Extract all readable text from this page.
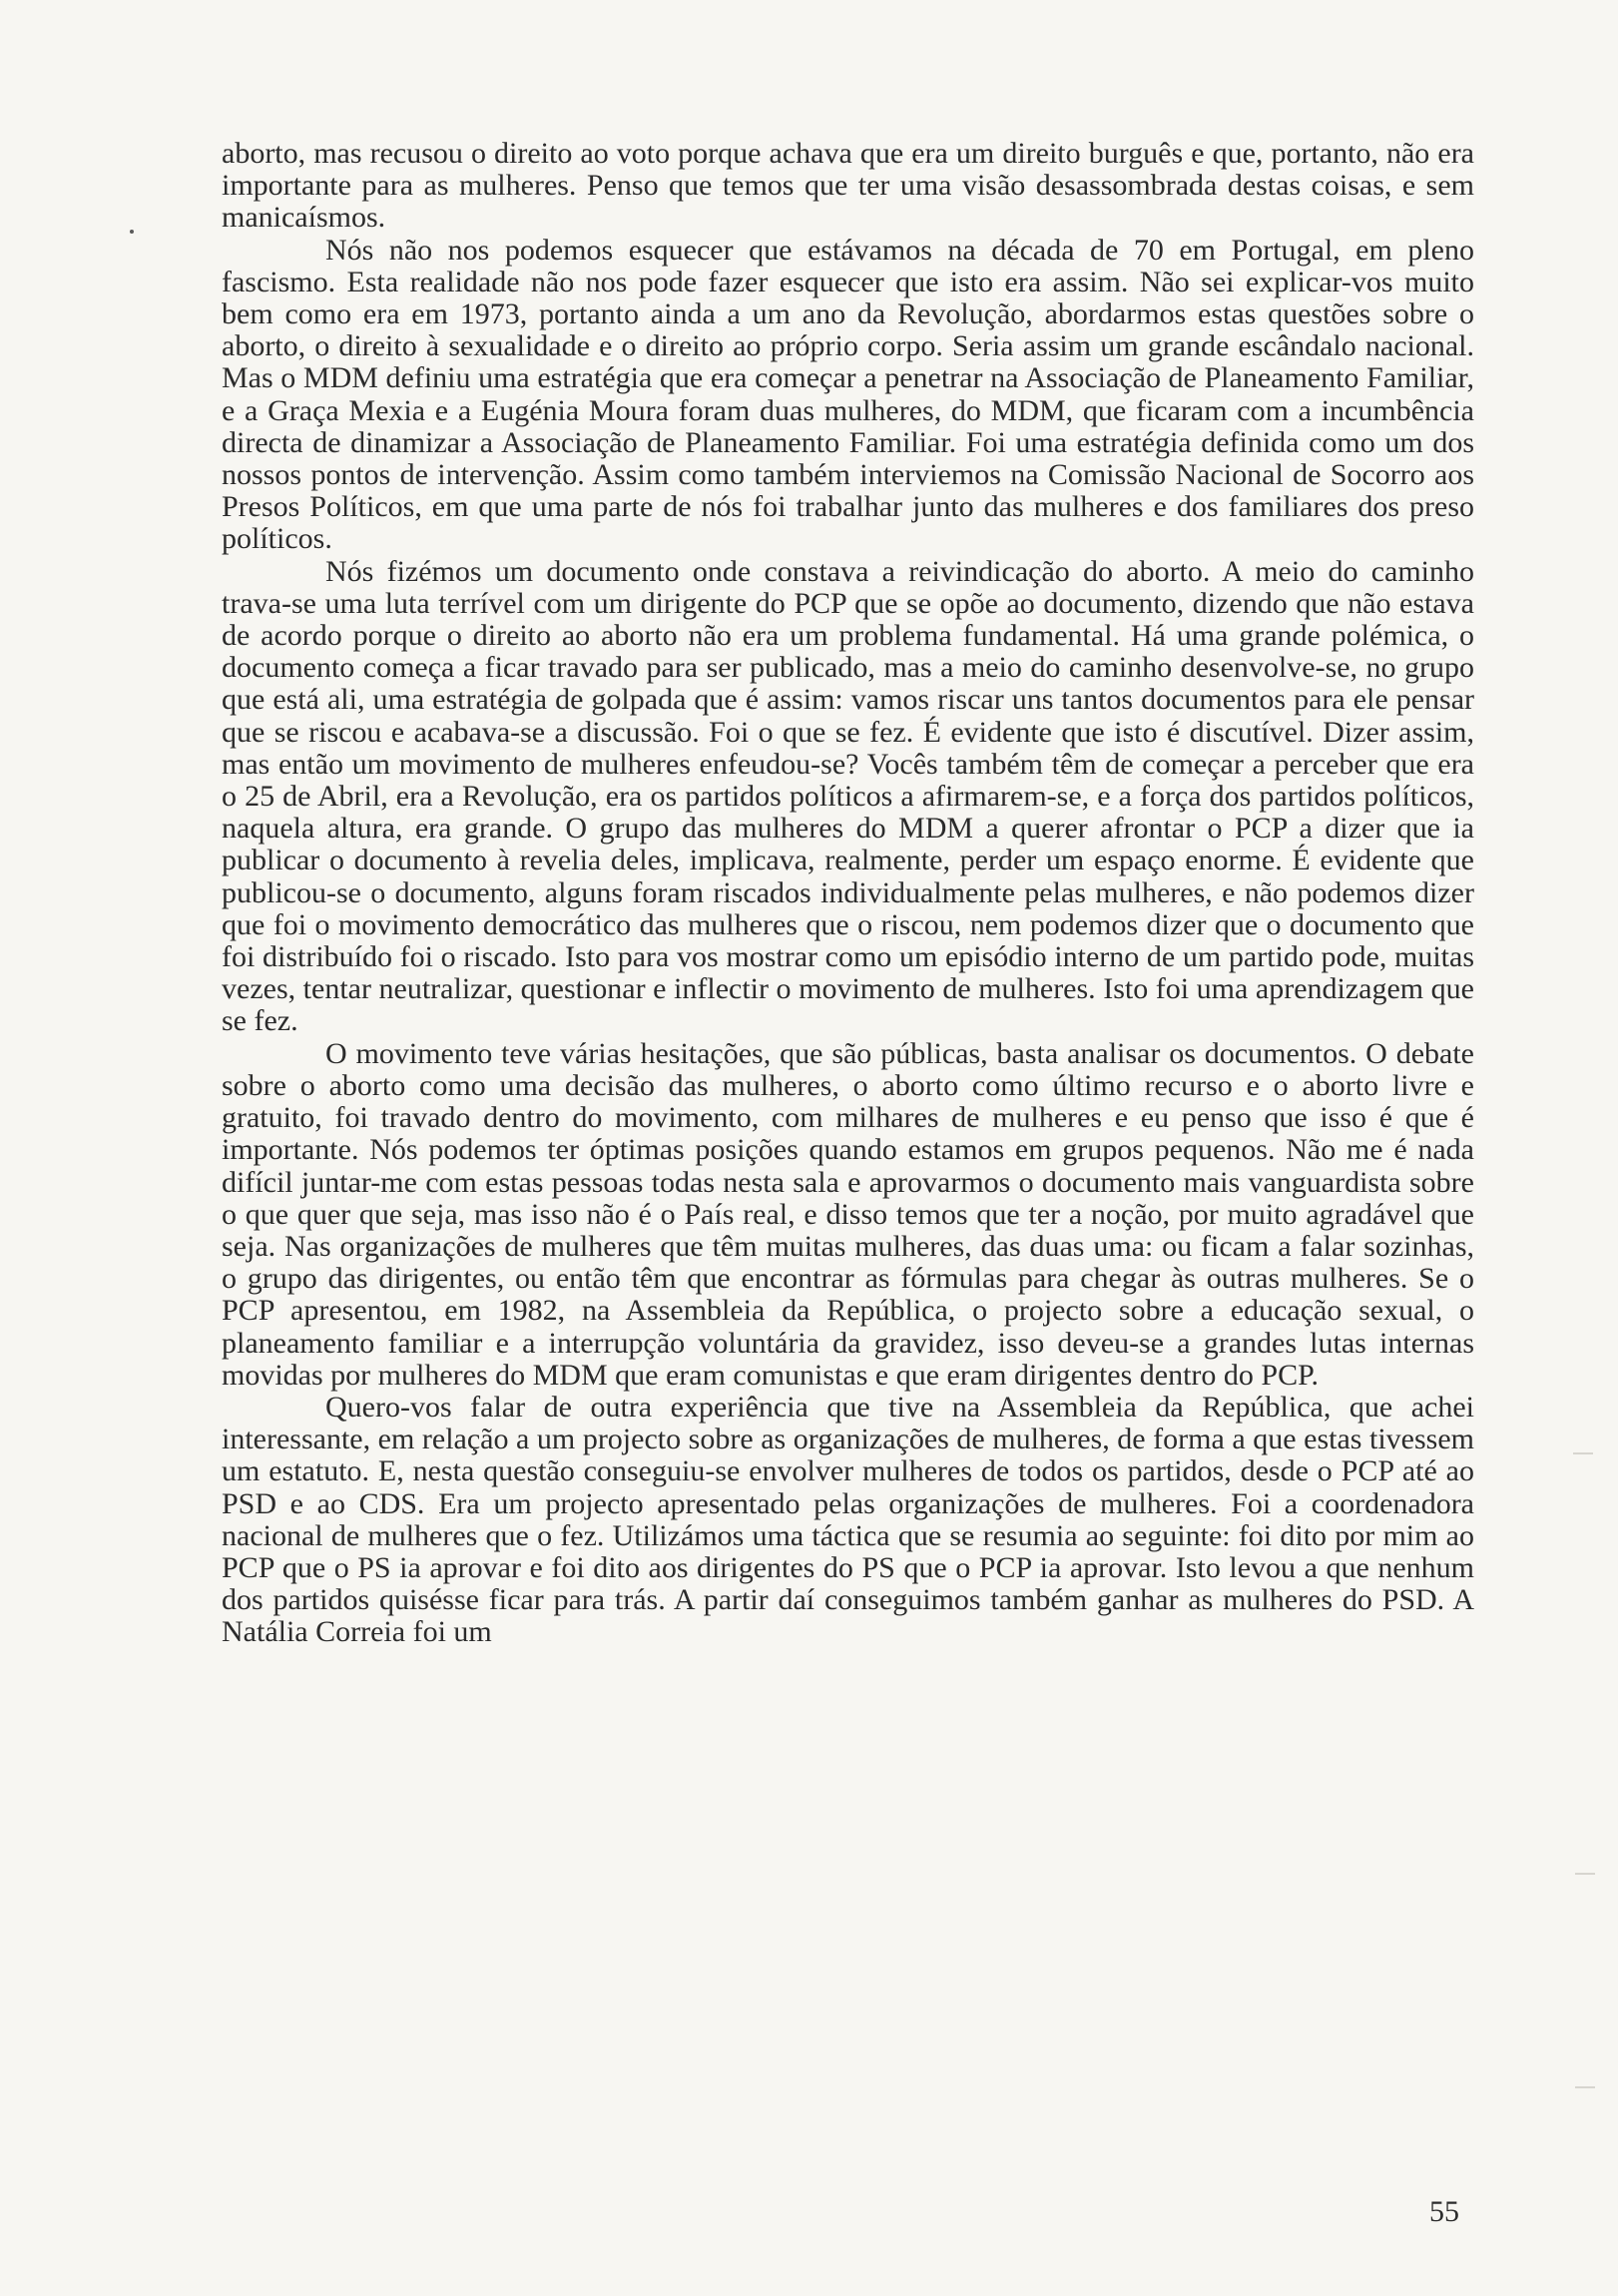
aborto, mas recusou o direito ao voto porque achava que era um direito burguês e que, portanto, não era importante para as mulheres. Penso que temos que ter uma visão desassombrada destas coisas, e sem manicaísmos.

Nós não nos podemos esquecer que estávamos na década de 70 em Portugal, em pleno fascismo. Esta realidade não nos pode fazer esquecer que isto era assim. Não sei explicar-vos muito bem como era em 1973, portanto ainda a um ano da Revolução, abordarmos estas questões sobre o aborto, o direito à sexualidade e o direito ao próprio corpo. Seria assim um grande escândalo nacional. Mas o MDM definiu uma estratégia que era começar a penetrar na Associação de Planeamento Familiar, e a Graça Mexia e a Eugénia Moura foram duas mulheres, do MDM, que ficaram com a incumbência directa de dinamizar a Associação de Planeamento Familiar. Foi uma estratégia definida como um dos nossos pontos de intervenção. Assim como também interviemos na Comissão Nacional de Socorro aos Presos Políticos, em que uma parte de nós foi trabalhar junto das mulheres e dos familiares dos preso políticos.

Nós fizémos um documento onde constava a reivindicação do aborto. A meio do caminho trava-se uma luta terrível com um dirigente do PCP que se opõe ao documento, dizendo que não estava de acordo porque o direito ao aborto não era um problema fundamental. Há uma grande polémica, o documento começa a ficar travado para ser publicado, mas a meio do caminho desenvolve-se, no grupo que está ali, uma estratégia de golpada que é assim: vamos riscar uns tantos documentos para ele pensar que se riscou e acabava-se a discussão. Foi o que se fez. É evidente que isto é discutível. Dizer assim, mas então um movimento de mulheres enfeudou-se? Vocês também têm de começar a perceber que era o 25 de Abril, era a Revolução, era os partidos políticos a afirmarem-se, e a força dos partidos políticos, naquela altura, era grande. O grupo das mulheres do MDM a querer afrontar o PCP a dizer que ia publicar o documento à revelia deles, implicava, realmente, perder um espaço enorme. É evidente que publicou-se o documento, alguns foram riscados individualmente pelas mulheres, e não podemos dizer que foi o movimento democrático das mulheres que o riscou, nem podemos dizer que o documento que foi distribuído foi o riscado. Isto para vos mostrar como um episódio interno de um partido pode, muitas vezes, tentar neutralizar, questionar e inflectir o movimento de mulheres. Isto foi uma aprendizagem que se fez.

O movimento teve várias hesitações, que são públicas, basta analisar os documentos. O debate sobre o aborto como uma decisão das mulheres, o aborto como último recurso e o aborto livre e gratuito, foi travado dentro do movimento, com milhares de mulheres e eu penso que isso é que é importante. Nós podemos ter óptimas posições quando estamos em grupos pequenos. Não me é nada difícil juntar-me com estas pessoas todas nesta sala e aprovarmos o documento mais vanguardista sobre o que quer que seja, mas isso não é o País real, e disso temos que ter a noção, por muito agradável que seja. Nas organizações de mulheres que têm muitas mulheres, das duas uma: ou ficam a falar sozinhas, o grupo das dirigentes, ou então têm que encontrar as fórmulas para chegar às outras mulheres. Se o PCP apresentou, em 1982, na Assembleia da República, o projecto sobre a educação sexual, o planeamento familiar e a interrupção voluntária da gravidez, isso deveu-se a grandes lutas internas movidas por mulheres do MDM que eram comunistas e que eram dirigentes dentro do PCP.

Quero-vos falar de outra experiência que tive na Assembleia da República, que achei interessante, em relação a um projecto sobre as organizações de mulheres, de forma a que estas tivessem um estatuto. E, nesta questão conseguiu-se envolver mulheres de todos os partidos, desde o PCP até ao PSD e ao CDS. Era um projecto apresentado pelas organizações de mulheres. Foi a coordenadora nacional de mulheres que o fez. Utilizámos uma táctica que se resumia ao seguinte: foi dito por mim ao PCP que o PS ia aprovar e foi dito aos dirigentes do PS que o PCP ia aprovar. Isto levou a que nenhum dos partidos quisésse ficar para trás. A partir daí conseguimos também ganhar as mulheres do PSD. A Natália Correia foi um

55
